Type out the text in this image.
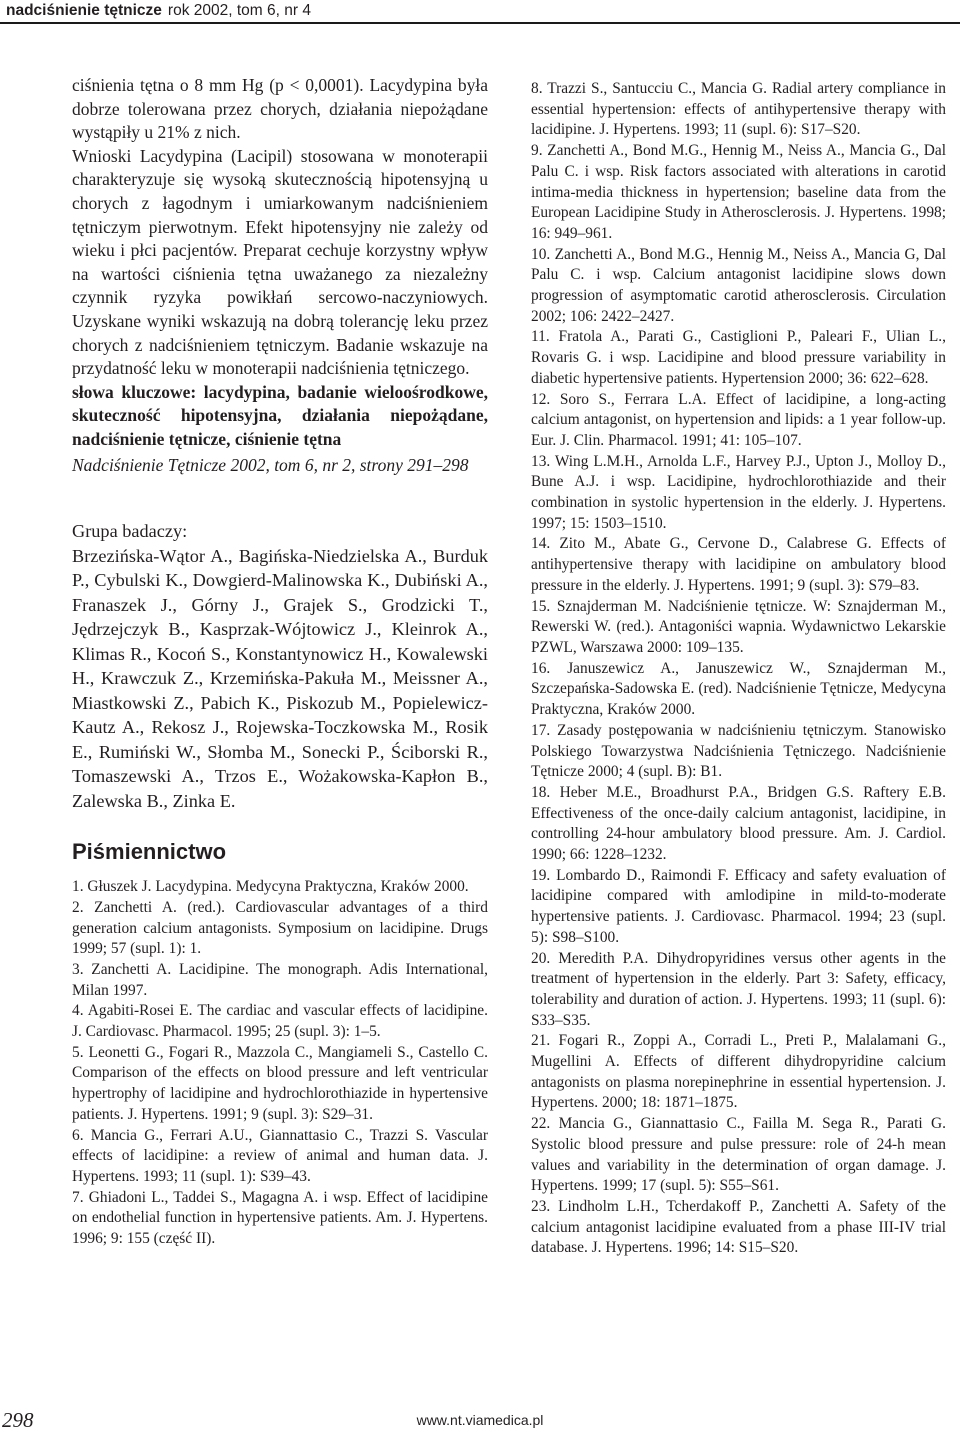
nadciśnienie tętnicze rok 2002, tom 6, nr 4

ciśnienia tętna o 8 mm Hg (p < 0,0001). Lacydypina była dobrze tolerowana przez chorych, działania niepożądane wystąpiły u 21% z nich.

Wnioski Lacydypina (Lacipil) stosowana w monoterapii charakteryzuje się wysoką skutecznością hipotensyjną u chorych z łagodnym i umiarkowanym nadciśnieniem tętniczym pierwotnym. Efekt hipotensyjny nie zależy od wieku i płci pacjentów. Preparat cechuje korzystny wpływ na wartości ciśnienia tętna uważanego za niezależny czynnik ryzyka powikłań sercowo-naczyniowych. Uzyskane wyniki wskazują na dobrą tolerancję leku przez chorych z nadciśnieniem tętniczym. Badanie wskazuje na przydatność leku w monoterapii nadciśnienia tętniczego.

słowa kluczowe: lacydypina, badanie wieloośrodkowe, skuteczność hipotensyjna, działania niepożądane, nadciśnienie tętnicze, ciśnienie tętna

Nadciśnienie Tętnicze 2002, tom 6, nr 2, strony 291–298

Grupa badaczy:

Brzezińska-Wątor A., Bagińska-Niedzielska A., Burduk P., Cybulski K., Dowgierd-Malinowska K., Dubiński A., Franaszek J., Górny J., Grajek S., Grodzicki T., Jędrzejczyk B., Kasprzak-Wójtowicz J., Kleinrok A., Klimas R., Kocoń S., Konstantynowicz H., Kowalewski H., Krawczuk Z., Krzemińska-Pakuła M., Meissner A., Miastkowski Z., Pabich K., Piskozub M., Popielewicz-Kautz A., Rekosz J., Rojewska-Toczkowska M., Rosik E., Rumiński W., Słomba M., Sonecki P., Ściborski R., Tomaszewski A., Trzos E., Wożakowska-Kapłon B., Zalewska B., Zinka E.

Piśmiennictwo

1. Głuszek J. Lacydypina. Medycyna Praktyczna, Kraków 2000.

2. Zanchetti A. (red.). Cardiovascular advantages of a third generation calcium antagonists. Symposium on lacidipine. Drugs 1999; 57 (supl. 1): 1.

3. Zanchetti A. Lacidipine. The monograph. Adis International, Milan 1997.

4. Agabiti-Rosei E. The cardiac and vascular effects of lacidipine. J. Cardiovasc. Pharmacol. 1995; 25 (supl. 3): 1–5.

5. Leonetti G., Fogari R., Mazzola C., Mangiameli S., Castello C. Comparison of the effects on blood pressure and left ventricular hypertrophy of lacidipine and hydrochlorothiazide in hypertensive patients. J. Hypertens. 1991; 9 (supl. 3): S29–31.

6. Mancia G., Ferrari A.U., Giannattasio C., Trazzi S. Vascular effects of lacidipine: a review of animal and human data. J. Hypertens. 1993; 11 (supl. 1): S39–43.

7. Ghiadoni L., Taddei S., Magagna A. i wsp. Effect of lacidipine on endothelial function in hypertensive patients. Am. J. Hypertens. 1996; 9: 155 (część II).

8. Trazzi S., Santucciu C., Mancia G. Radial artery compliance in essential hypertension: effects of antihypertensive therapy with lacidipine. J. Hypertens. 1993; 11 (supl. 6): S17–S20.

9. Zanchetti A., Bond M.G., Hennig M., Neiss A., Mancia G., Dal Palu C. i wsp. Risk factors associated with alterations in carotid intima-media thickness in hypertension; baseline data from the European Lacidipine Study in Atherosclerosis. J. Hypertens. 1998; 16: 949–961.

10. Zanchetti A., Bond M.G., Hennig M., Neiss A., Mancia G, Dal Palu C. i wsp. Calcium antagonist lacidipine slows down progression of asymptomatic carotid atherosclerosis. Circulation 2002; 106: 2422–2427.

11. Fratola A., Parati G., Castiglioni P., Paleari F., Ulian L., Rovaris G. i wsp. Lacidipine and blood pressure variability in diabetic hypertensive patients. Hypertension 2000; 36: 622–628.

12. Soro S., Ferrara L.A. Effect of lacidipine, a long-acting calcium antagonist, on hypertension and lipids: a 1 year follow-up. Eur. J. Clin. Pharmacol. 1991; 41: 105–107.

13. Wing L.M.H., Arnolda L.F., Harvey P.J., Upton J., Molloy D., Bune A.J. i wsp. Lacidipine, hydrochlorothiazide and their combination in systolic hypertension in the elderly. J. Hypertens. 1997; 15: 1503–1510.

14. Zito M., Abate G., Cervone D., Calabrese G. Effects of antihypertensive therapy with lacidipine on ambulatory blood pressure in the elderly. J. Hypertens. 1991; 9 (supl. 3): S79–83.

15. Sznajderman M. Nadciśnienie tętnicze. W: Sznajderman M., Rewerski W. (red.). Antagoniści wapnia. Wydawnictwo Lekarskie PZWL, Warszawa 2000: 109–135.

16. Januszewicz A., Januszewicz W., Sznajderman M., Szczepańska-Sadowska E. (red). Nadciśnienie Tętnicze, Medycyna Praktyczna, Kraków 2000.

17. Zasady postępowania w nadciśnieniu tętniczym. Stanowisko Polskiego Towarzystwa Nadciśnienia Tętniczego. Nadciśnienie Tętnicze 2000; 4 (supl. B): B1.

18. Heber M.E., Broadhurst P.A., Bridgen G.S. Raftery E.B. Effectiveness of the once-daily calcium antagonist, lacidipine, in controlling 24-hour ambulatory blood pressure. Am. J. Cardiol. 1990; 66: 1228–1232.

19. Lombardo D., Raimondi F. Efficacy and safety evaluation of lacidipine compared with amlodipine in mild-to-moderate hypertensive patients. J. Cardiovasc. Pharmacol. 1994; 23 (supl. 5): S98–S100.

20. Meredith P.A. Dihydropyridines versus other agents in the treatment of hypertension in the elderly. Part 3: Safety, efficacy, tolerability and duration of action. J. Hypertens. 1993; 11 (supl. 6): S33–S35.

21. Fogari R., Zoppi A., Corradi L., Preti P., Malalamani G., Mugellini A. Effects of different dihydropyridine calcium antagonists on plasma norepinephrine in essential hypertension. J. Hypertens. 2000; 18: 1871–1875.

22. Mancia G., Giannattasio C., Failla M. Sega R., Parati G. Systolic blood pressure and pulse pressure: role of 24-h mean values and variability in the determination of organ damage. J. Hypertens. 1999; 17 (supl. 5): S55–S61.

23. Lindholm L.H., Tcherdakoff P., Zanchetti A. Safety of the calcium antagonist lacidipine evaluated from a phase III-IV trial database. J. Hypertens. 1996; 14: S15–S20.

298	www.nt.viamedica.pl
